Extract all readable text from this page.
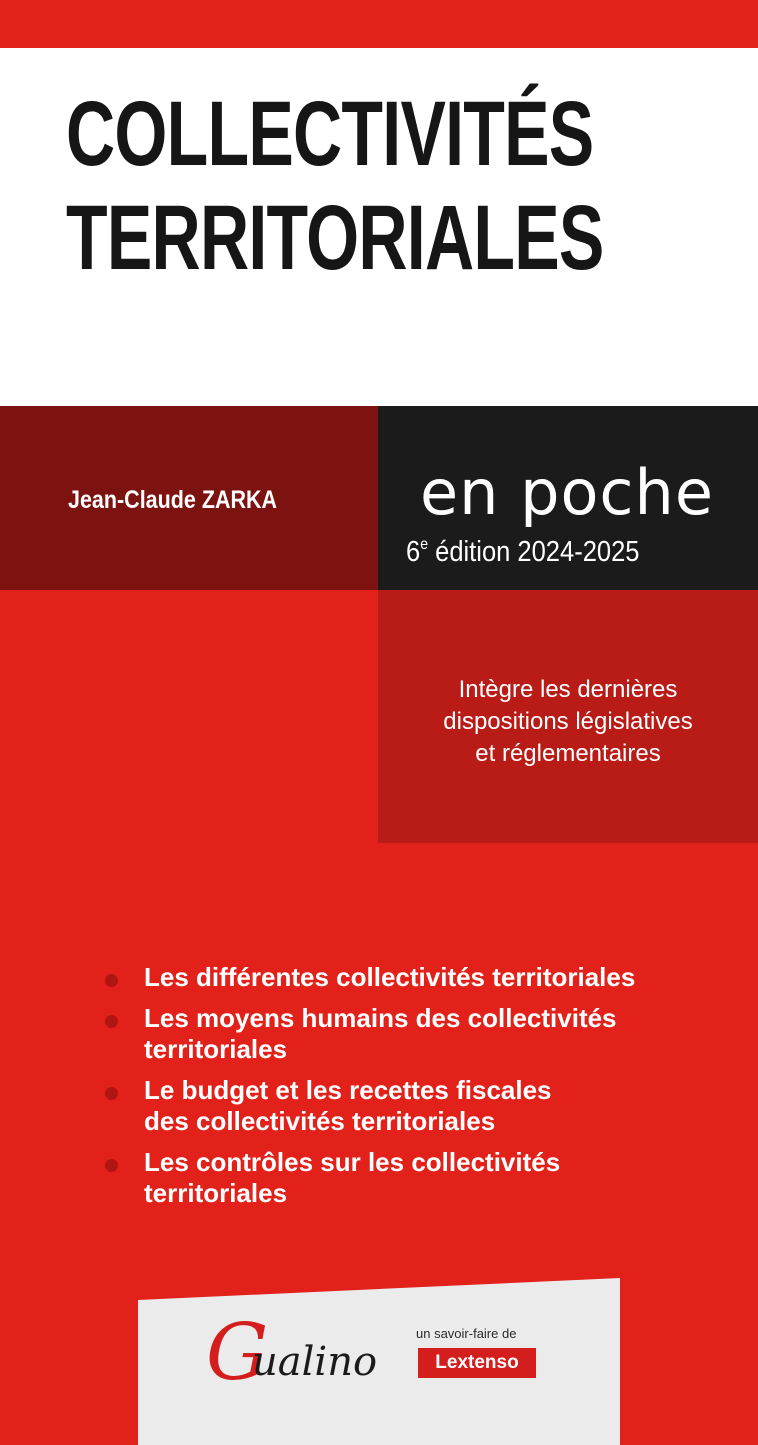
COLLECTIVITÉS
TERRITORIALES
Jean-Claude ZARKA en poche
6e édition 2024-2025
Intègre les dernières
dispositions législatives
et réglementaires
Les différentes collectivités territoriales
Les moyens humains des collectivités
territoriales
Le budget et les recettes fiscales
des collectivités territoriales
Les contrôles sur les collectivités
territoriales
G
ualino
un savoir-faire de
Lextenso
